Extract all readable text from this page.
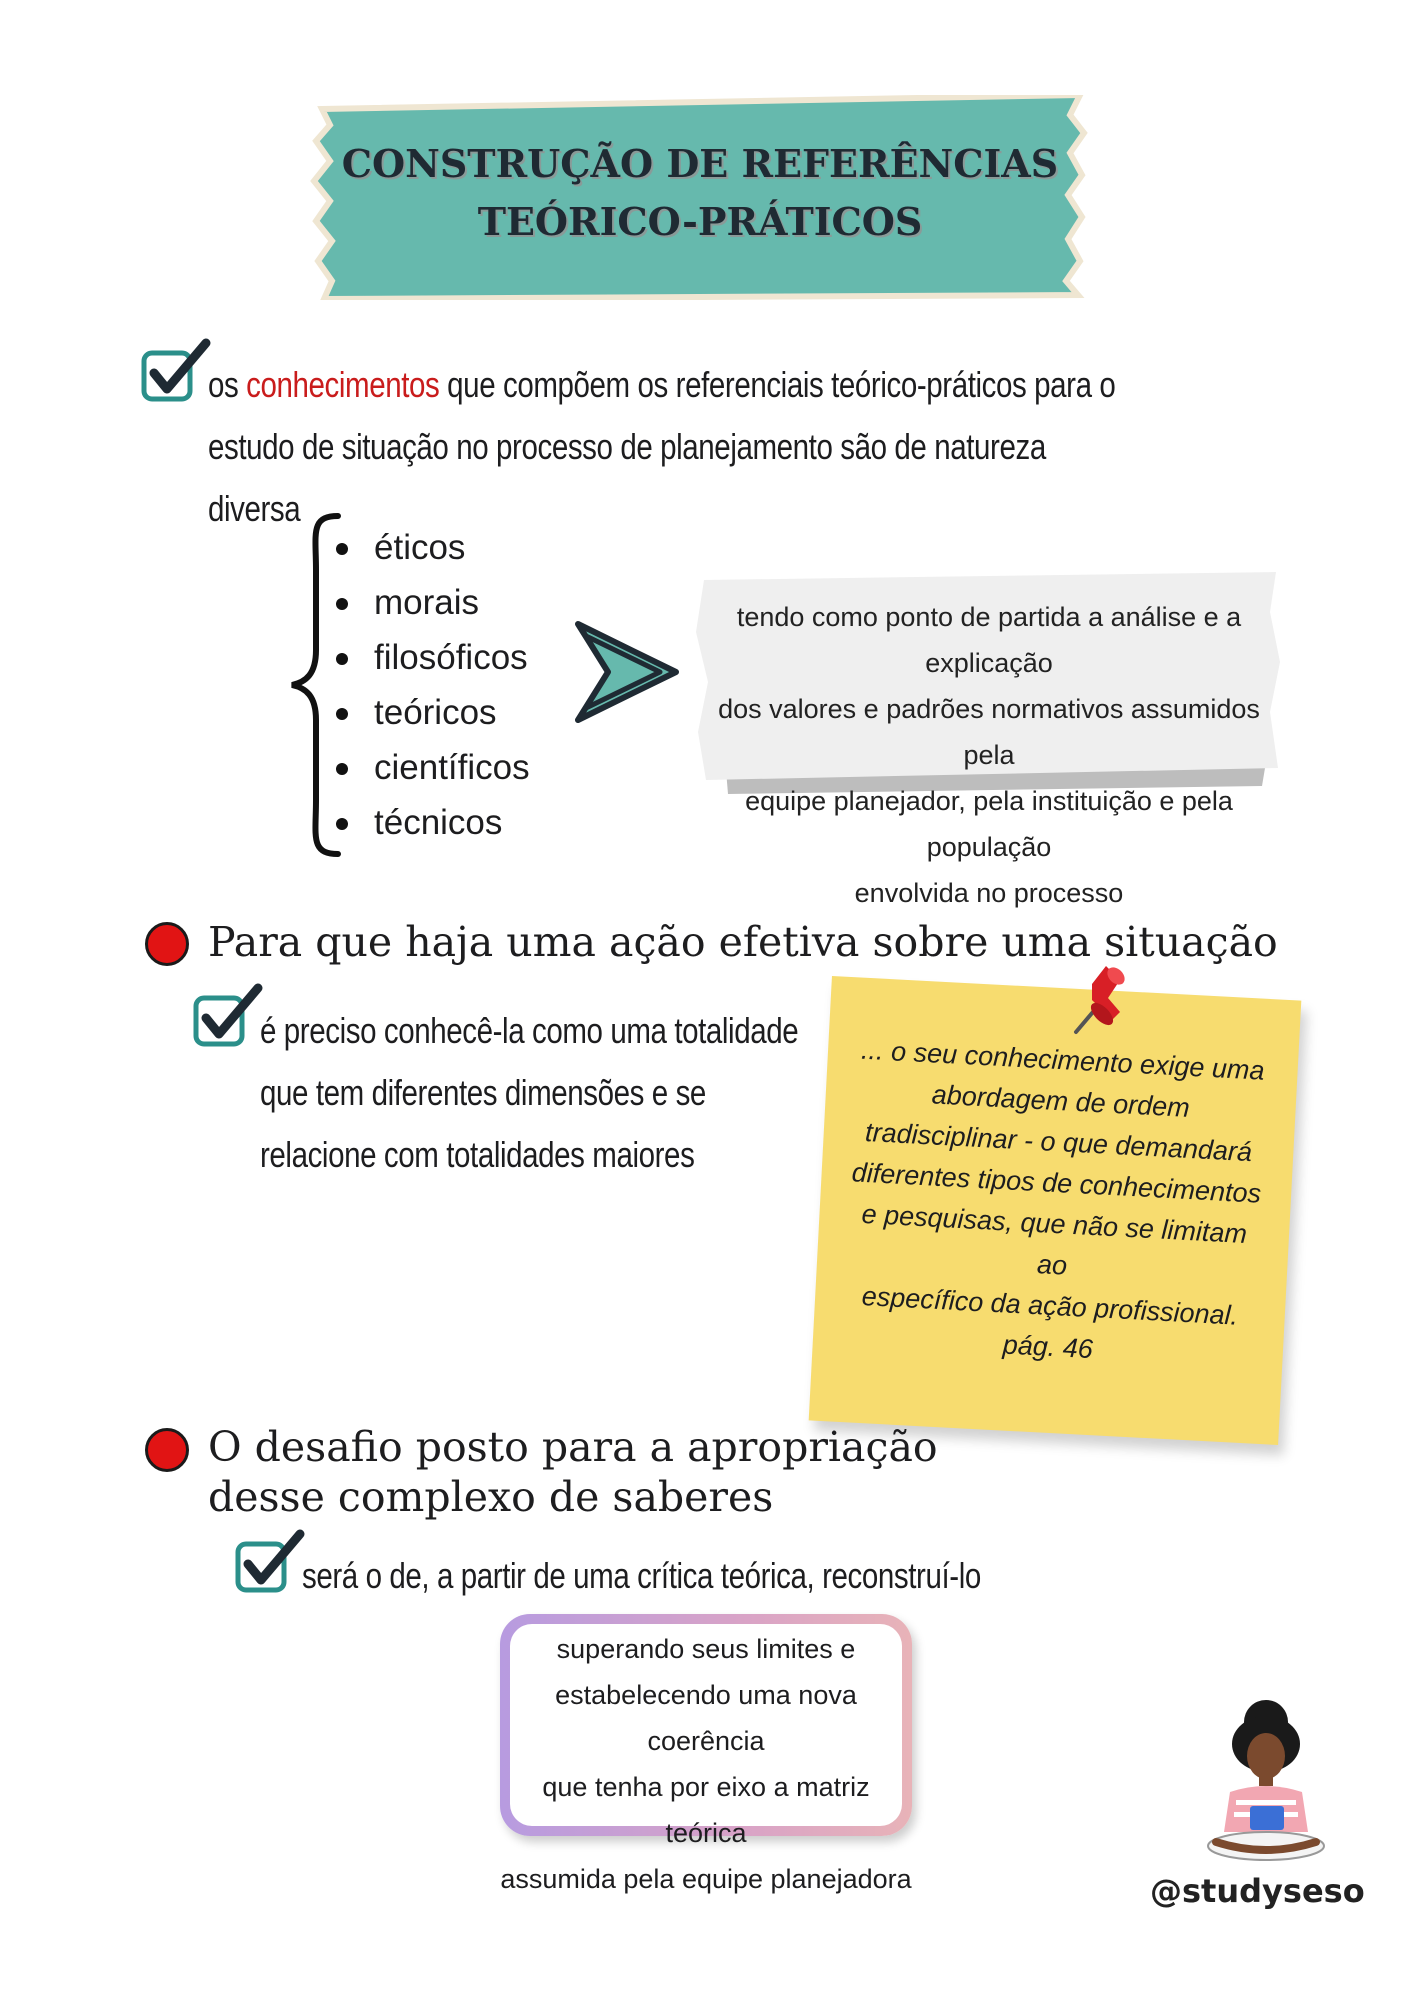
CONSTRUÇÃO DE REFERÊNCIAS
TEÓRICO-PRÁTICOS
os conhecimentos que compõem os referenciais teórico-práticos para o
estudo de situação no processo de planejamento são de natureza diversa
éticos
morais
filosóficos
teóricos
científicos
técnicos
tendo como ponto de partida a análise e a explicação
dos valores e padrões normativos assumidos pela
equipe planejador, pela instituição e pela população
envolvida no processo
Para que haja uma ação efetiva sobre uma situação
é preciso conhecê-la como uma totalidade
que tem diferentes dimensões e se
relacione com totalidades maiores
... o seu conhecimento exige uma
abordagem de ordem
tradisciplinar - o que demandará
diferentes tipos de conhecimentos
e pesquisas, que não se limitam ao
específico da ação profissional.
pág. 46
O desafio posto para a apropriação
desse complexo de saberes
será o de, a partir de uma crítica teórica, reconstruí-lo
superando seus limites e
estabelecendo uma nova coerência
que tenha por eixo a matriz teórica
assumida pela equipe planejadora	@studyseso
